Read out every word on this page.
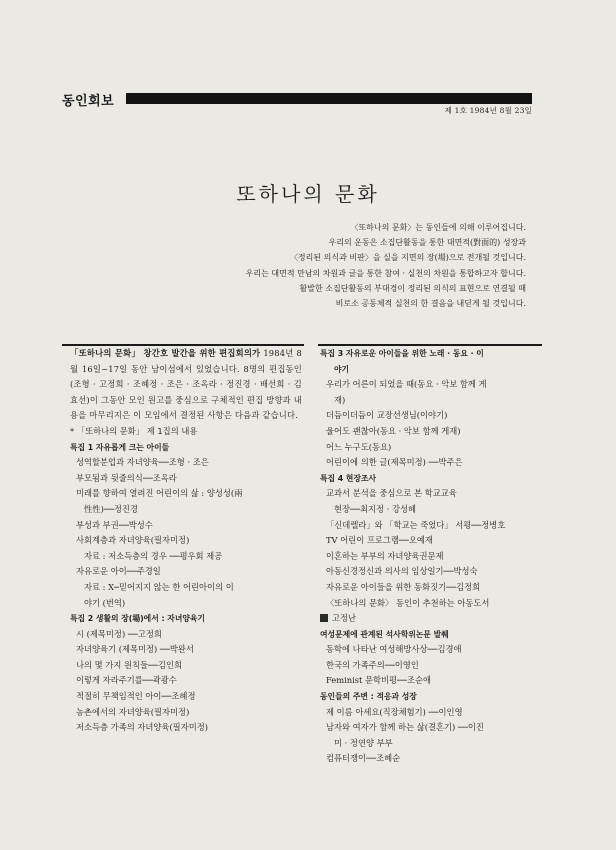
동인회보
제 1호 1984년 8월 23일
또하나의 문화
〈또하나의 문화〉는 동인들에 의해 이루어집니다.
우리의 운동은 소집단활동을 통한 대면적(對面的) 성장과
〈정리된 의식과 비판〉을 실을 지면의 장(場)으로 전개될 것입니다.
우리는 대면적 만남의 차원과 글을 통한 참여 · 실천의 차원을 통합하고자 합니다.
활발한 소집단활동의 부대경이 정리된 의식의 표현으로 연결될 때
비로소 공동체적 실천의 한 결음을 내딛게 될 것입니다.
「또하나의 문화」 창간호 발간을 위한 편집회의가 1984년 8월 16일~17일 동안 남이섬에서 있었습니다. 8명의 편집동인(조형 · 고정희 · 조혜정 · 조은 · 조옥라 · 정진경 · 배선희 · 김효선)이 그동안 모인 원고를 중심으로 구체적인 편집 방향과 내용을 마무리지은 이 모임에서 결정된 사항은 다음과 같습니다.
* 「또하나의 문화」 제 1집의 내용
특집 1 자유롭게 크는 아이들
성역할분업과 자녀양육──조형 · 조은
부모됨과 뒷줄의식──조옥라
미래를 향하여 열려진 어린이의 삶 : 양성성(兩
性性)──정진경
부성과 부권──박성수
사회계층과 자녀양육(필자미정)
자료 : 저소득층의 경우 ──평우회 제공
자유로운 아이──주경일
자료 : X─믿어지지 않는 한 어린아이의 이
야기 (번역)
특집 2 생활의 장(場)에서 : 자녀양육기
시 (제목미정) ──고정희
자녀양육기 (제목미정) ──박완서
나의 몇 가지 원칙들──김인희
이렇게 자라주기를──곽광수
적절히 무책임적인 아이──조혜정
농촌에서의 자녀양육(필자미정)
저소득층 가족의 자녀양육(필자미정)
특집 3 자유로운 아이들을 위한 노래 · 동요 · 이
야기
우리가 어른이 되었을 때(동요 · 악보 함께 게
재)
더듬이더듬이 교장선생님(이야기)
울어도 괜찮아(동요 · 악보 함께 게재)
어느 누구도(동요)
어린이에 의한 글(제목미정) ──박주은
특집 4 현장조사
교과서 분석을 중심으로 본 학교교육
현장──최지정 · 강성혜
「신데렐라」와 「학교는 죽었다」 서평──정병호
TV 어린이 프로그램──오예재
이혼하는 부부의 자녀양육권문제
아동신경정신과 의사의 임상일기──박성숙
자유로운 아이들을 위한 동화짓기──김정희
〈또하나의 문화〉 동인이 추천하는 아동도서
고정난
여성문제에 관계된 석사학위논문 발췌
동학에 나타난 여성해방사상──김경애
한국의 가족주의──이영인
Feminist 문학비평──조순애
동인들의 주변 : 적응과 성장
제 이름 아세요(직장체험기) ──이인영
남자와 여자가 함께 하는 삶(결혼기) ──이진
미 · 정연양 부부
컴퓨터쟁이──조혜순
